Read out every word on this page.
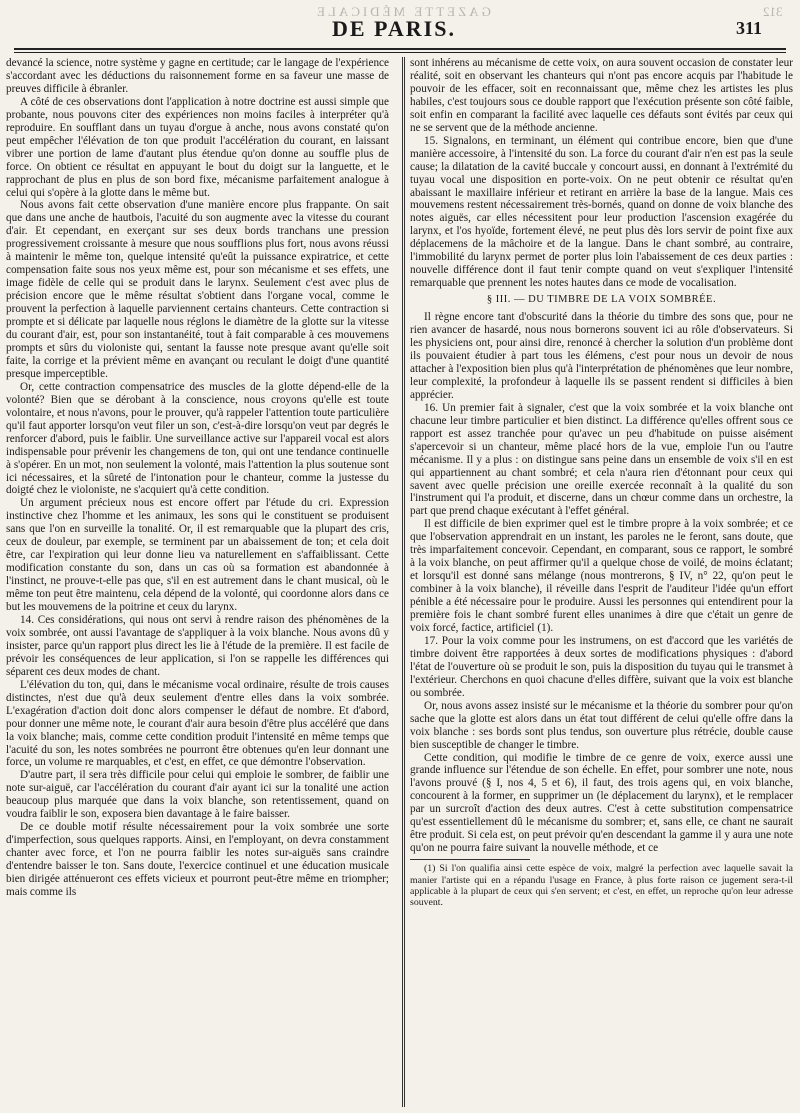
GAZETTE MÉDICALE	312
DE PARIS.	311

devancé la science, notre système y gagne en certitude; car le langage de l'expérience s'accordant avec les déductions du raisonnement forme en sa faveur une masse de preuves difficile à ébranler.

A côté de ces observations dont l'application à notre doctrine est aussi simple que probante, nous pouvons citer des expériences non moins faciles à interpréter qu'à reproduire. En soufflant dans un tuyau d'orgue à anche, nous avons constaté qu'on peut empêcher l'élévation de ton que produit l'accélération du courant, en laissant vibrer une portion de lame d'autant plus étendue qu'on donne au souffle plus de force. On obtient ce résultat en appuyant le bout du doigt sur la languette, et le rapprochant de plus en plus de son bord fixe, mécanisme parfaitement analogue à celui qui s'opère à la glotte dans le même but.

Nous avons fait cette observation d'une manière encore plus frappante. On sait que dans une anche de hautbois, l'acuité du son augmente avec la vitesse du courant d'air. Et cependant, en exerçant sur ses deux bords tranchans une pression progressivement croissante à mesure que nous soufflions plus fort, nous avons réussi à maintenir le même ton, quelque intensité qu'eût la puissance expiratrice, et cette compensation faite sous nos yeux même est, pour son mécanisme et ses effets, une image fidèle de celle qui se produit dans le larynx. Seulement c'est avec plus de précision encore que le même résultat s'obtient dans l'organe vocal, comme le prouvent la perfection à laquelle parviennent certains chanteurs. Cette contraction si prompte et si délicate par laquelle nous réglons le diamètre de la glotte sur la vitesse du courant d'air, est, pour son instantanéité, tout à fait comparable à ces mouvemens prompts et sûrs du violoniste qui, sentant la fausse note presque avant qu'elle soit faite, la corrige et la prévient même en avançant ou reculant le doigt d'une quantité presque imperceptible.

Or, cette contraction compensatrice des muscles de la glotte dépend-elle de la volonté? Bien que se dérobant à la conscience, nous croyons qu'elle est toute volontaire, et nous n'avons, pour le prouver, qu'à rappeler l'attention toute particulière qu'il faut apporter lorsqu'on veut filer un son, c'est-à-dire lorsqu'on veut par degrés le renforcer d'abord, puis le faiblir. Une surveillance active sur l'appareil vocal est alors indispensable pour prévenir les changemens de ton, qui ont une tendance continuelle à s'opérer. En un mot, non seulement la volonté, mais l'attention la plus soutenue sont ici nécessaires, et la sûreté de l'intonation pour le chanteur, comme la justesse du doigté chez le violoniste, ne s'acquiert qu'à cette condition.

Un argument précieux nous est encore offert par l'étude du cri. Expression instinctive chez l'homme et les animaux, les sons qui le constituent se produisent sans que l'on en surveille la tonalité. Or, il est remarquable que la plupart des cris, ceux de douleur, par exemple, se terminent par un abaissement de ton; et cela doit être, car l'expiration qui leur donne lieu va naturellement en s'affaiblissant. Cette modification constante du son, dans un cas où sa formation est abandonnée à l'instinct, ne prouve-t-elle pas que, s'il en est autrement dans le chant musical, où le même ton peut être maintenu, cela dépend de la volonté, qui coordonne alors dans ce but les mouvemens de la poitrine et ceux du larynx.

14. Ces considérations, qui nous ont servi à rendre raison des phénomènes de la voix sombrée, ont aussi l'avantage de s'appliquer à la voix blanche. Nous avons dû y insister, parce qu'un rapport plus direct les lie à l'étude de la première. Il est facile de prévoir les conséquences de leur application, si l'on se rappelle les différences qui séparent ces deux modes de chant.

L'élévation du ton, qui, dans le mécanisme vocal ordinaire, résulte de trois causes distinctes, n'est due qu'à deux seulement d'entre elles dans la voix sombrée. L'exagération d'action doit donc alors compenser le défaut de nombre. Et d'abord, pour donner une même note, le courant d'air aura besoin d'être plus accéléré que dans la voix blanche; mais, comme cette condition produit l'intensité en même temps que l'acuité du son, les notes sombrées ne pourront être obtenues qu'en leur donnant une force, un volume re marquables, et c'est, en effet, ce que démontre l'observation.

D'autre part, il sera très difficile pour celui qui emploie le sombrer, de faiblir une note sur-aiguë, car l'accélération du courant d'air ayant ici sur la tonalité une action beaucoup plus marquée que dans la voix blanche, son retentissement, quand on voudra faiblir le son, exposera bien davantage à le faire baisser.

De ce double motif résulte nécessairement pour la voix sombrée une sorte d'imperfection, sous quelques rapports. Ainsi, en l'employant, on devra constamment chanter avec force, et l'on ne pourra faiblir les notes sur-aiguës sans craindre d'entendre baisser le ton. Sans doute, l'exercice continuel et une éducation musicale bien dirigée atténueront ces effets vicieux et pourront peut-être même en triompher; mais comme ils

sont inhérens au mécanisme de cette voix, on aura souvent occasion de constater leur réalité, soit en observant les chanteurs qui n'ont pas encore acquis par l'habitude le pouvoir de les effacer, soit en reconnaissant que, même chez les artistes les plus habiles, c'est toujours sous ce double rapport que l'exécution présente son côté faible, soit enfin en comparant la facilité avec laquelle ces défauts sont évités par ceux qui ne se servent que de la méthode ancienne.

15. Signalons, en terminant, un élément qui contribue encore, bien que d'une manière accessoire, à l'intensité du son. La force du courant d'air n'en est pas la seule cause; la dilatation de la cavité buccale y concourt aussi, en donnant à l'extrémité du tuyau vocal une disposition en porte-voix. On ne peut obtenir ce résultat qu'en abaissant le maxillaire inférieur et retirant en arrière la base de la langue. Mais ces mouvemens restent nécessairement très-bornés, quand on donne de voix blanche des notes aiguës, car elles nécessitent pour leur production l'ascension exagérée du larynx, et l'os hyoïde, fortement élevé, ne peut plus dès lors servir de point fixe aux déplacemens de la mâchoire et de la langue. Dans le chant sombré, au contraire, l'immobilité du larynx permet de porter plus loin l'abaissement de ces deux parties : nouvelle différence dont il faut tenir compte quand on veut s'expliquer l'intensité remarquable que prennent les notes hautes dans ce mode de vocalisation.

§ III. — DU TIMBRE DE LA VOIX SOMBRÉE.

Il règne encore tant d'obscurité dans la théorie du timbre des sons que, pour ne rien avancer de hasardé, nous nous bornerons souvent ici au rôle d'observateurs. Si les physiciens ont, pour ainsi dire, renoncé à chercher la solution d'un problème dont ils pouvaient étudier à part tous les élémens, c'est pour nous un devoir de nous attacher à l'exposition bien plus qu'à l'interprétation de phénomènes que leur nombre, leur complexité, la profondeur à laquelle ils se passent rendent si difficiles à bien apprécier.

16. Un premier fait à signaler, c'est que la voix sombrée et la voix blanche ont chacune leur timbre particulier et bien distinct. La différence qu'elles offrent sous ce rapport est assez tranchée pour qu'avec un peu d'habitude on puisse aisément s'apercevoir si un chanteur, même placé hors de la vue, emploie l'un ou l'autre mécanisme. Il y a plus : on distingue sans peine dans un ensemble de voix s'il en est qui appartiennent au chant sombré; et cela n'aura rien d'étonnant pour ceux qui savent avec quelle précision une oreille exercée reconnaît à la qualité du son l'instrument qui l'a produit, et discerne, dans un chœur comme dans un orchestre, la part que prend chaque exécutant à l'effet général.

Il est difficile de bien exprimer quel est le timbre propre à la voix sombrée; et ce que l'observation apprendrait en un instant, les paroles ne le feront, sans doute, que très imparfaitement concevoir. Cependant, en comparant, sous ce rapport, le sombré à la voix blanche, on peut affirmer qu'il a quelque chose de voilé, de moins éclatant; et lorsqu'il est donné sans mélange (nous montrerons, § IV, n° 22, qu'on peut le combiner à la voix blanche), il réveille dans l'esprit de l'auditeur l'idée qu'un effort pénible a été nécessaire pour le produire. Aussi les personnes qui entendirent pour la première fois le chant sombré furent elles unanimes à dire que c'était un genre de voix forcé, factice, artificiel (1).

17. Pour la voix comme pour les instrumens, on est d'accord que les variétés de timbre doivent être rapportées à deux sortes de modifications physiques : d'abord l'état de l'ouverture où se produit le son, puis la disposition du tuyau qui le transmet à l'extérieur. Cherchons en quoi chacune d'elles diffère, suivant que la voix est blanche ou sombrée.

Or, nous avons assez insisté sur le mécanisme et la théorie du sombrer pour qu'on sache que la glotte est alors dans un état tout différent de celui qu'elle offre dans la voix blanche : ses bords sont plus tendus, son ouverture plus rétrécie, double cause bien susceptible de changer le timbre.

Cette condition, qui modifie le timbre de ce genre de voix, exerce aussi une grande influence sur l'étendue de son échelle. En effet, pour sombrer une note, nous l'avons prouvé (§ I, nos 4, 5 et 6), il faut, des trois agens qui, en voix blanche, concourent à la former, en supprimer un (le déplacement du larynx), et le remplacer par un surcroît d'action des deux autres. C'est à cette substitution compensatrice qu'est essentiellement dû le mécanisme du sombrer; et, sans elle, ce chant ne saurait être produit. Si cela est, on peut prévoir qu'en descendant la gamme il y aura une note qu'on ne pourra faire suivant la nouvelle méthode, et ce

(1) Si l'on qualifia ainsi cette espèce de voix, malgré la perfection avec laquelle savait la manier l'artiste qui en a répandu l'usage en France, à plus forte raison ce jugement sera-t-il applicable à la plupart de ceux qui s'en servent; et c'est, en effet, un reproche qu'on leur adresse souvent.
